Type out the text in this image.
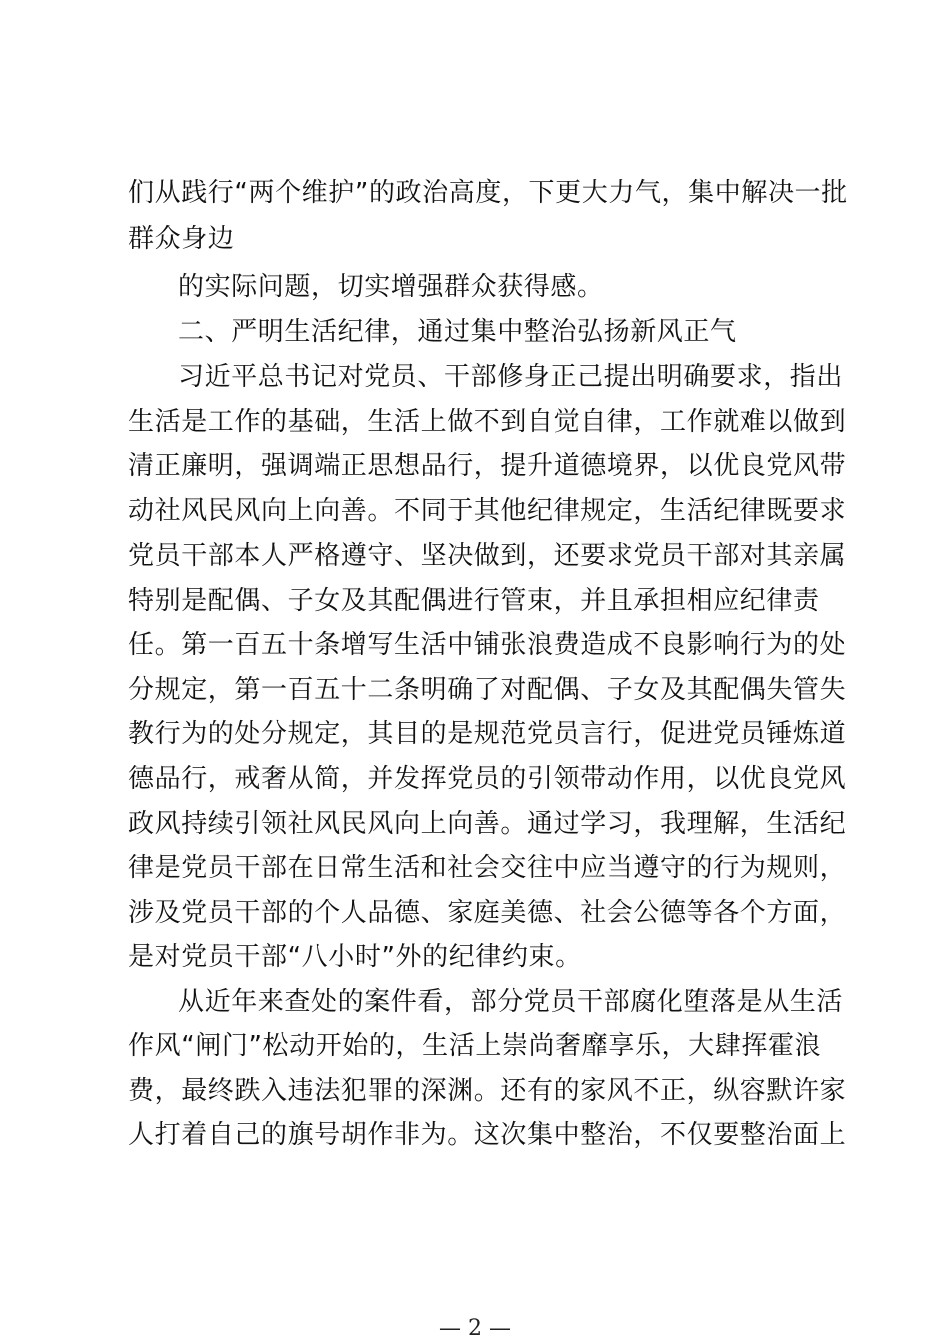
们从践行“两个维护”的政治高度，下更大力气，集中解决一批
群众身边
的实际问题，切实增强群众获得感。
二、严明生活纪律，通过集中整治弘扬新风正气
习近平总书记对党员、干部修身正己提出明确要求，指出
生活是工作的基础，生活上做不到自觉自律，工作就难以做到
清正廉明，强调端正思想品行，提升道德境界，以优良党风带
动社风民风向上向善。不同于其他纪律规定，生活纪律既要求
党员干部本人严格遵守、坚决做到，还要求党员干部对其亲属
特别是配偶、子女及其配偶进行管束，并且承担相应纪律责
任。第一百五十条增写生活中铺张浪费造成不良影响行为的处
分规定，第一百五十二条明确了对配偶、子女及其配偶失管失
教行为的处分规定，其目的是规范党员言行，促进党员锤炼道
德品行，戒奢从简，并发挥党员的引领带动作用，以优良党风
政风持续引领社风民风向上向善。通过学习，我理解，生活纪
律是党员干部在日常生活和社会交往中应当遵守的行为规则，
涉及党员干部的个人品德、家庭美德、社会公德等各个方面，
是对党员干部“八小时”外的纪律约束。
从近年来查处的案件看，部分党员干部腐化堕落是从生活
作风“闸门”松动开始的，生活上崇尚奢靡享乐，大肆挥霍浪
费，最终跌入违法犯罪的深渊。还有的家风不正，纵容默许家
人打着自己的旗号胡作非为。这次集中整治，不仅要整治面上
— 2 —
